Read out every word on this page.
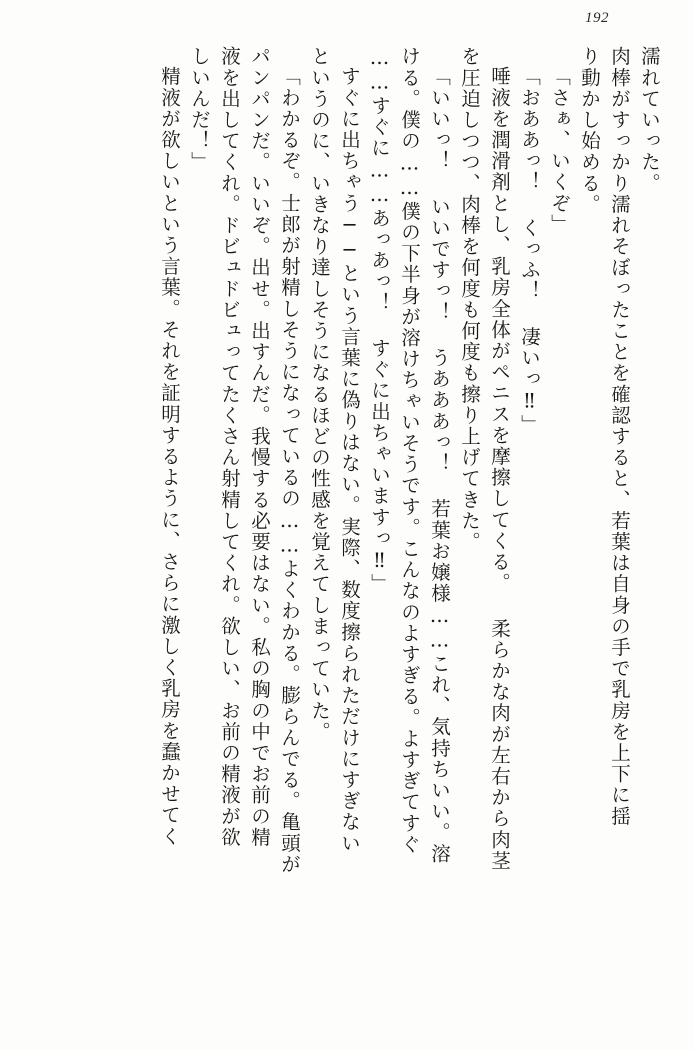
192
濡れていった。
肉棒がすっかり濡れそぼったことを確認すると、若葉は自身の手で乳房を上下に揺
り動かし始める。
「さぁ、いくぞ」
「おああっ！ くっふ！ 凄いっ‼」
唾液を潤滑剤とし、乳房全体がペニスを摩擦してくる。 柔らかな肉が左右から肉茎
を圧迫しつつ、肉棒を何度も何度も擦り上げてきた。
「いいっ！ いいですっ！ うあああっ！ 若葉お嬢様……これ、気持ちいい。溶
ける。僕の……僕の下半身が溶けちゃいそうです。こんなのよすぎる。よすぎてすぐ
……すぐに……あっあっ！ すぐに出ちゃいますっ‼」
すぐに出ちゃう──という言葉に偽りはない。実際、数度擦られただけにすぎない
というのに、いきなり達しそうになるほどの性感を覚えてしまっていた。
「わかるぞ。士郎が射精しそうになっているの……よくわかる。膨らんでる。亀頭が
パンパンだ。いいぞ。出せ。出すんだ。我慢する必要はない。私の胸の中でお前の精
液を出してくれ。ドビュドビュってたくさん射精してくれ。欲しい、お前の精液が欲
しいんだ！」
精液が欲しいという言葉。それを証明するように、さらに激しく乳房を蠢かせてく
